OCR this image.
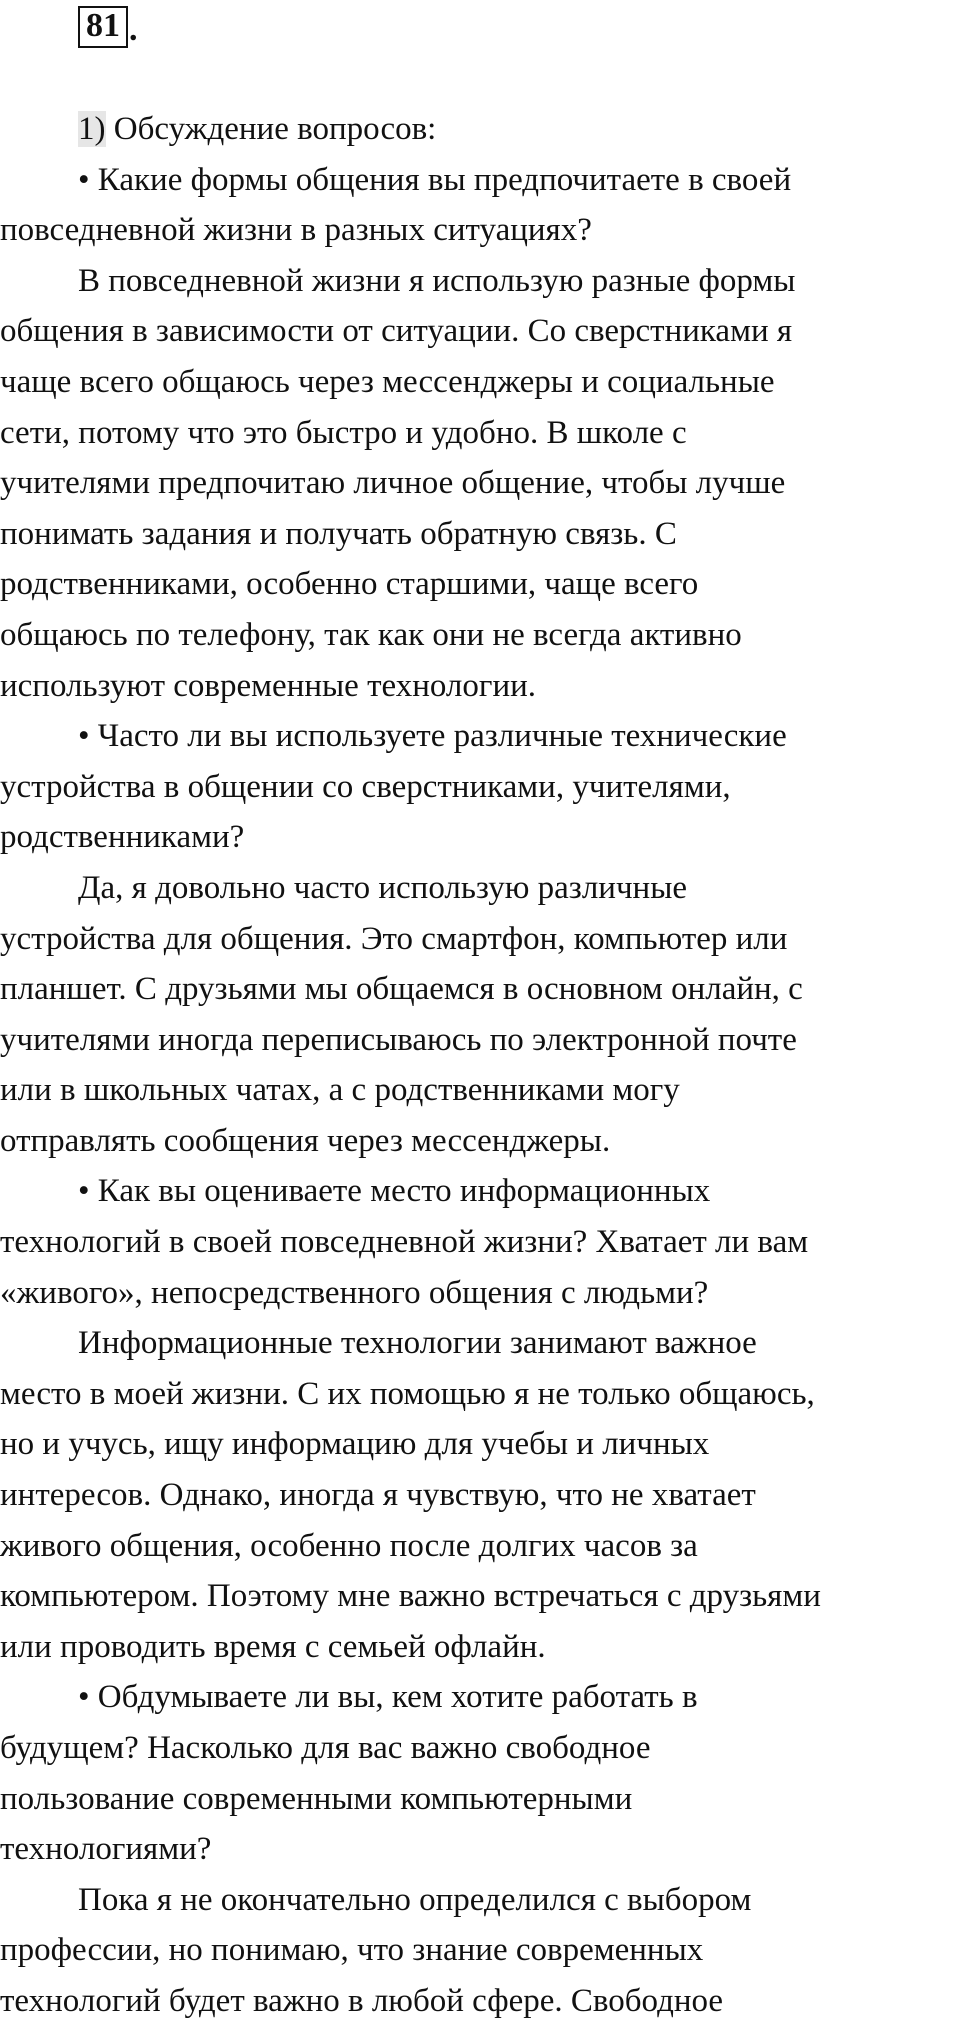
81 .
1) Обсуждение вопросов:
• Какие формы общения вы предпочитаете в своей
повседневной жизни в разных ситуациях?
В повседневной жизни я использую разные формы
общения в зависимости от ситуации. Со сверстниками я
чаще всего общаюсь через мессенджеры и социальные
сети, потому что это быстро и удобно. В школе с
учителями предпочитаю личное общение, чтобы лучше
понимать задания и получать обратную связь. С
родственниками, особенно старшими, чаще всего
общаюсь по телефону, так как они не всегда активно
используют современные технологии.
• Часто ли вы используете различные технические
устройства в общении со сверстниками, учителями,
родственниками?
Да, я довольно часто использую различные
устройства для общения. Это смартфон, компьютер или
планшет. С друзьями мы общаемся в основном онлайн, с
учителями иногда переписываюсь по электронной почте
или в школьных чатах, а с родственниками могу
отправлять сообщения через мессенджеры.
• Как вы оцениваете место информационных
технологий в своей повседневной жизни? Хватает ли вам
«живого», непосредственного общения с людьми?
Информационные технологии занимают важное
место в моей жизни. С их помощью я не только общаюсь,
но и учусь, ищу информацию для учебы и личных
интересов. Однако, иногда я чувствую, что не хватает
живого общения, особенно после долгих часов за
компьютером. Поэтому мне важно встречаться с друзьями
или проводить время с семьей офлайн.
• Обдумываете ли вы, кем хотите работать в
будущем? Насколько для вас важно свободное
пользование современными компьютерными
технологиями?
Пока я не окончательно определился с выбором
профессии, но понимаю, что знание современных
технологий будет важно в любой сфере. Свободное
